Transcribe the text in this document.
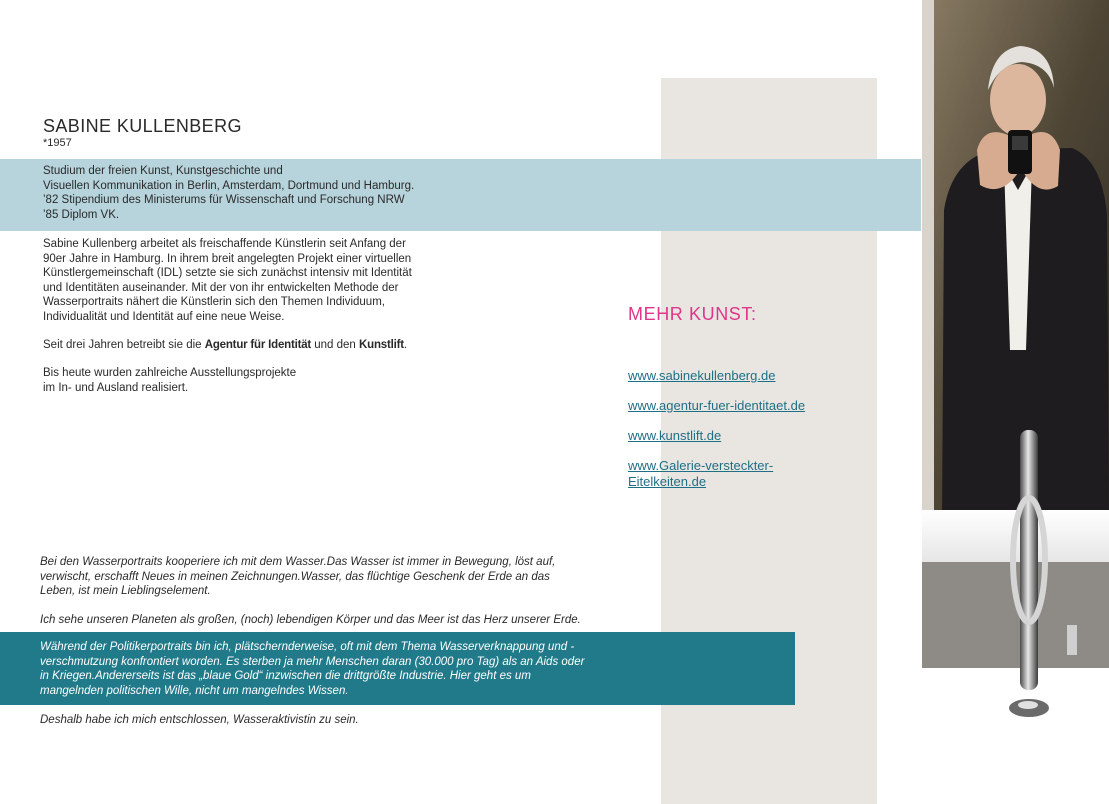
SABINE KULLENBERG
*1957

Studium der freien Kunst, Kunstgeschichte und
Visuellen Kommunikation in Berlin, Amsterdam, Dortmund und Hamburg.
’82 Stipendium des Ministerums für Wissenschaft und Forschung NRW
’85 Diplom VK.

Sabine Kullenberg arbeitet als freischaffende Künstlerin seit Anfang der
90er Jahre in Hamburg. In ihrem breit angelegten Projekt einer virtuellen
Künstlergemeinschaft (IDL) setzte sie sich zunächst intensiv mit Identität
und Identitäten auseinander. Mit der von ihr entwickelten Methode der
Wasserportraits nähert die Künstlerin sich den Themen Individuum,
Individualität und Identität auf eine neue Weise.

Seit drei Jahren betreibt sie die Agentur für Identität und den Kunstlift.

Bis heute wurden zahlreiche Ausstellungsprojekte
im In- und Ausland realisiert.

MEHR KUNST:
www.sabinekullenberg.de
www.agentur-fuer-identitaet.de
www.kunstlift.de
www.Galerie-versteckter-Eitelkeiten.de

Bei den Wasserportraits kooperiere ich mit dem Wasser.Das Wasser ist immer in Bewegung, löst auf,
verwischt, erschafft Neues in meinen Zeichnungen.Wasser, das flüchtige Geschenk der Erde an das
Leben, ist mein Lieblingselement.

Ich sehe unseren Planeten als großen, (noch) lebendigen Körper und das Meer ist das Herz unserer Erde.

Während der Politikerportraits bin ich, plätschernderweise, oft mit dem Thema Wasserverknappung und -
verschmutzung konfrontiert worden. Es sterben ja mehr Menschen daran (30.000 pro Tag) als an Aids oder
in Kriegen.Andererseits ist das „blaue Gold“ inzwischen die drittgrößte Industrie. Hier geht es um
mangelnden politischen Wille, nicht um mangelndes Wissen.

Deshalb habe ich mich entschlossen, Wasseraktivistin zu sein.
